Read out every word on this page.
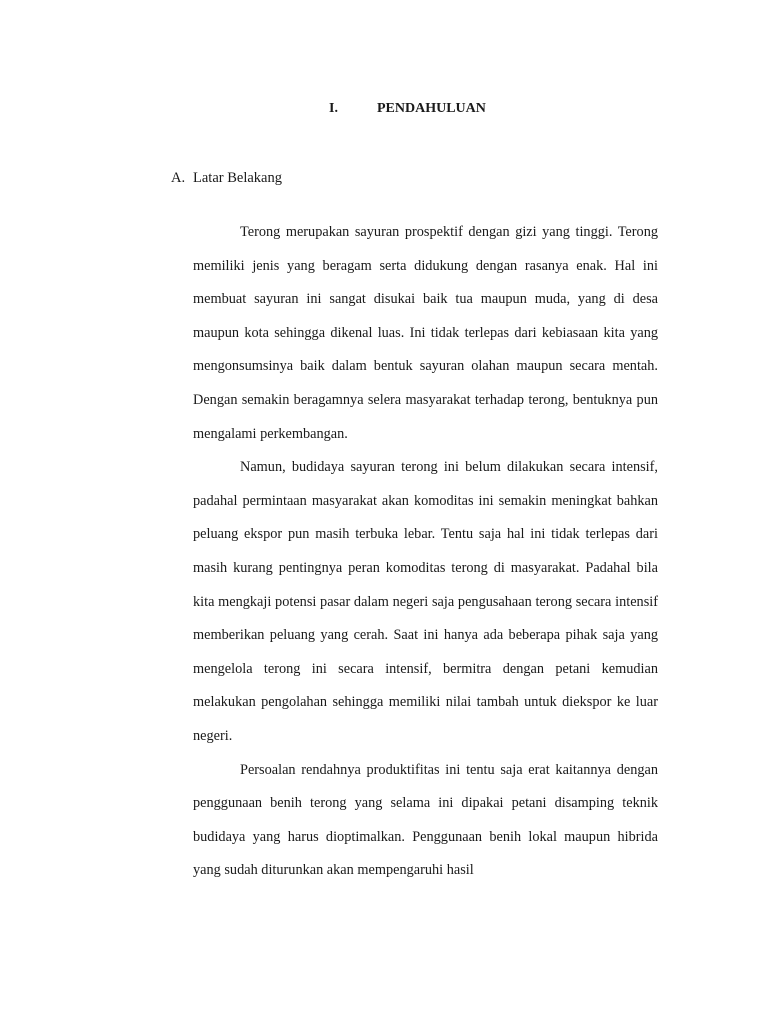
I.	PENDAHULUAN
A. Latar Belakang

Terong merupakan sayuran prospektif dengan gizi yang tinggi. Terong memiliki jenis yang beragam serta didukung dengan rasanya enak. Hal ini membuat sayuran ini sangat disukai baik tua maupun muda, yang di desa maupun kota sehingga dikenal luas. Ini tidak terlepas dari kebiasaan kita yang mengonsumsinya baik dalam bentuk sayuran olahan maupun secara mentah. Dengan semakin beragamnya selera masyarakat terhadap terong, bentuknya pun mengalami perkembangan.

Namun, budidaya sayuran terong ini belum dilakukan secara intensif, padahal permintaan masyarakat akan komoditas ini semakin meningkat bahkan peluang ekspor pun masih terbuka lebar. Tentu saja hal ini tidak terlepas dari masih kurang pentingnya peran komoditas terong di masyarakat. Padahal bila kita mengkaji potensi pasar dalam negeri saja pengusahaan terong secara intensif memberikan peluang yang cerah. Saat ini hanya ada beberapa pihak saja yang mengelola terong ini secara intensif, bermitra dengan petani kemudian melakukan pengolahan sehingga memiliki nilai tambah untuk diekspor ke luar negeri.

Persoalan rendahnya produktifitas ini tentu saja erat kaitannya dengan penggunaan benih terong yang selama ini dipakai petani disamping teknik budidaya yang harus dioptimalkan. Penggunaan benih lokal maupun hibrida yang sudah diturunkan akan mempengaruhi hasil
